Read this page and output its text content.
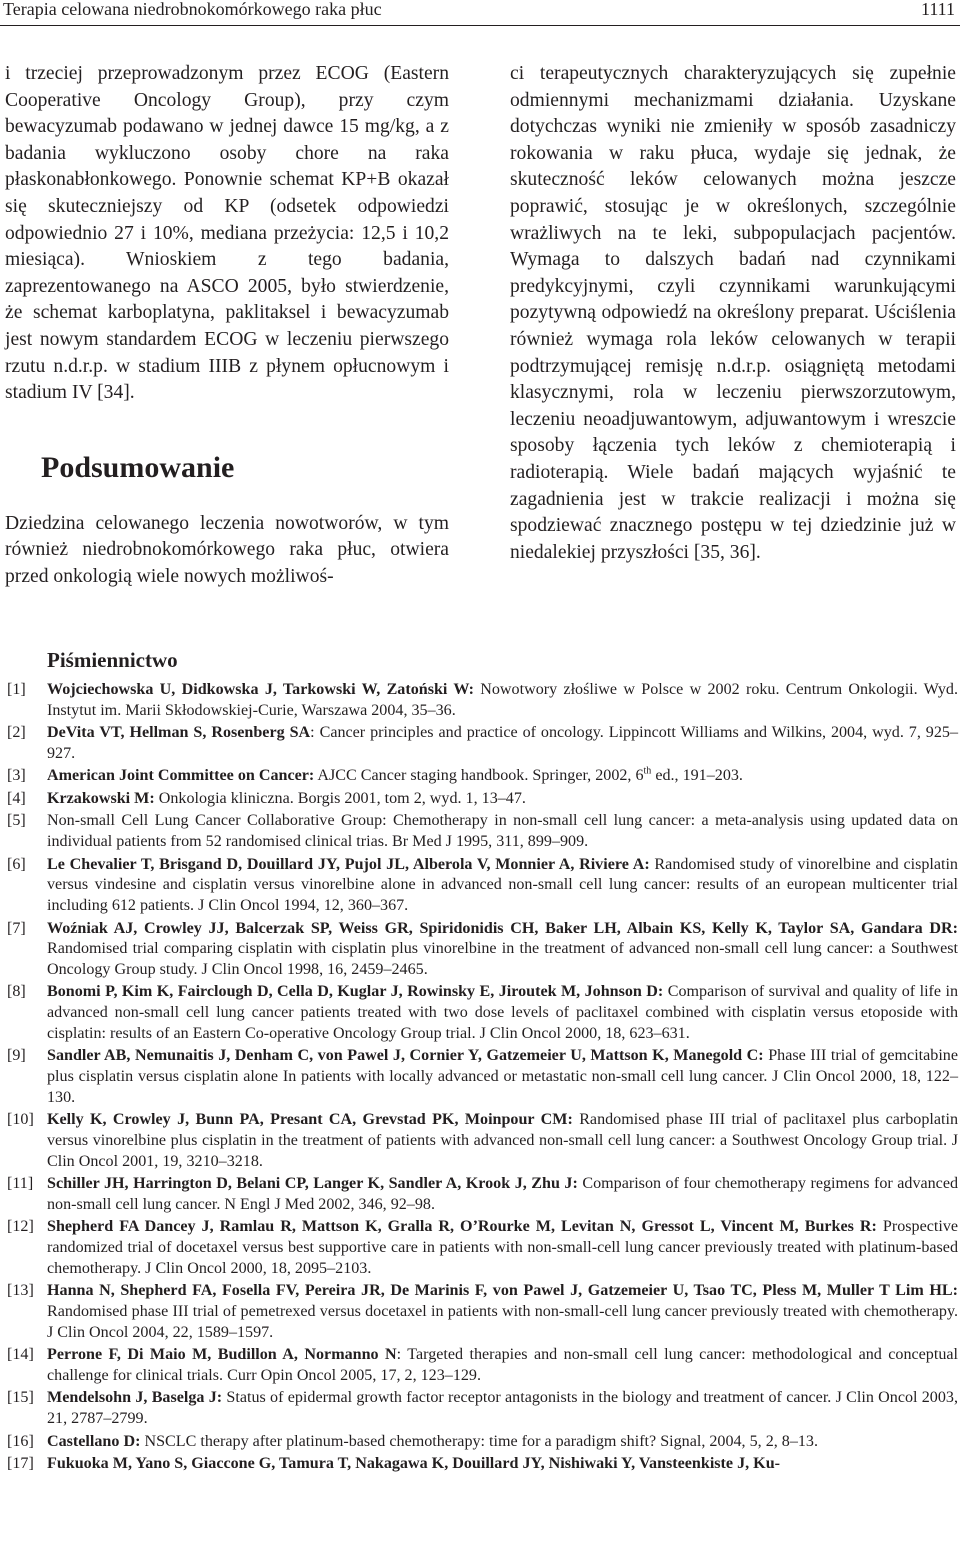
Terapia celowana niedrobnokomórkowego raka płuc	1111

i trzeciej przeprowadzonym przez ECOG (Eastern Cooperative Oncology Group), przy czym bewacyzumab podawano w jednej dawce 15 mg/kg, a z badania wykluczono osoby chore na raka płaskonabłonkowego. Ponownie schemat KP+B okazał się skuteczniejszy od KP (odsetek odpowiedzi odpowiednio 27 i 10%, mediana przeżycia: 12,5 i 10,2 miesiąca). Wnioskiem z tego badania, zaprezentowanego na ASCO 2005, było stwierdzenie, że schemat karboplatyna, paklitaksel i bewacyzumab jest nowym standardem ECOG w leczeniu pierwszego rzutu n.d.r.p. w stadium IIIB z płynem opłucnowym i stadium IV [34].

Podsumowanie

Dziedzina celowanego leczenia nowotworów, w tym również niedrobnokomórkowego raka płuc, otwiera przed onkologią wiele nowych możliwoś-

ci terapeutycznych charakteryzujących się zupełnie odmiennymi mechanizmami działania. Uzyskane dotychczas wyniki nie zmieniły w sposób zasadniczy rokowania w raku płuca, wydaje się jednak, że skuteczność leków celowanych można jeszcze poprawić, stosując je w określonych, szczególnie wrażliwych na te leki, subpopulacjach pacjentów. Wymaga to dalszych badań nad czynnikami predykcyjnymi, czyli czynnikami warunkującymi pozytywną odpowiedź na określony preparat. Uściślenia również wymaga rola leków celowanych w terapii podtrzymującej remisję n.d.r.p. osiągniętą metodami klasycznymi, rola w leczeniu pierwszorzutowym, leczeniu neoadjuwantowym, adjuwantowym i wreszcie sposoby łączenia tych leków z chemioterapią i radioterapią. Wiele badań mających wyjaśnić te zagadnienia jest w trakcie realizacji i można się spodziewać znacznego postępu w tej dziedzinie już w niedalekiej przyszłości [35, 36].

Piśmiennictwo
[1] Wojciechowska U, Didkowska J, Tarkowski W, Zatoński W: Nowotwory złośliwe w Polsce w 2002 roku. Centrum Onkologii. Wyd. Instytut im. Marii Skłodowskiej-Curie, Warszawa 2004, 35–36.
[2] DeVita VT, Hellman S, Rosenberg SA: Cancer principles and practice of oncology. Lippincott Williams and Wilkins, 2004, wyd. 7, 925–927.
[3] American Joint Committee on Cancer: AJCC Cancer staging handbook. Springer, 2002, 6th ed., 191–203.
[4] Krzakowski M: Onkologia kliniczna. Borgis 2001, tom 2, wyd. 1, 13–47.
[5] Non-small Cell Lung Cancer Collaborative Group: Chemotherapy in non-small cell lung cancer: a meta-analysis using updated data on individual patients from 52 randomised clinical trias. Br Med J 1995, 311, 899–909.
[6] Le Chevalier T, Brisgand D, Douillard JY, Pujol JL, Alberola V, Monnier A, Riviere A: Randomised study of vinorelbine and cisplatin versus vindesine and cisplatin versus vinorelbine alone in advanced non-small cell lung cancer: results of an european multicenter trial including 612 patients. J Clin Oncol 1994, 12, 360–367.
[7] Woźniak AJ, Crowley JJ, Balcerzak SP, Weiss GR, Spiridonidis CH, Baker LH, Albain KS, Kelly K, Taylor SA, Gandara DR: Randomised trial comparing cisplatin with cisplatin plus vinorelbine in the treatment of advanced non-small cell lung cancer: a Southwest Oncology Group study. J Clin Oncol 1998, 16, 2459–2465.
[8] Bonomi P, Kim K, Fairclough D, Cella D, Kuglar J, Rowinsky E, Jiroutek M, Johnson D: Comparison of survival and quality of life in advanced non-small cell lung cancer patients treated with two dose levels of paclitaxel combined with cisplatin versus etoposide with cisplatin: results of an Eastern Co-operative Oncology Group trial. J Clin Oncol 2000, 18, 623–631.
[9] Sandler AB, Nemunaitis J, Denham C, von Pawel J, Cornier Y, Gatzemeier U, Mattson K, Manegold C: Phase III trial of gemcitabine plus cisplatin versus cisplatin alone In patients with locally advanced or metastatic non-small cell lung cancer. J Clin Oncol 2000, 18, 122–130.
[10] Kelly K, Crowley J, Bunn PA, Presant CA, Grevstad PK, Moinpour CM: Randomised phase III trial of paclitaxel plus carboplatin versus vinorelbine plus cisplatin in the treatment of patients with advanced non-small cell lung cancer: a Southwest Oncology Group trial. J Clin Oncol 2001, 19, 3210–3218.
[11] Schiller JH, Harrington D, Belani CP, Langer K, Sandler A, Krook J, Zhu J: Comparison of four chemotherapy regimens for advanced non-small cell lung cancer. N Engl J Med 2002, 346, 92–98.
[12] Shepherd FA Dancey J, Ramlau R, Mattson K, Gralla R, O’Rourke M, Levitan N, Gressot L, Vincent M, Burkes R: Prospective randomized trial of docetaxel versus best supportive care in patients with non-small-cell lung cancer previously treated with platinum-based chemotherapy. J Clin Oncol 2000, 18, 2095–2103.
[13] Hanna N, Shepherd FA, Fosella FV, Pereira JR, De Marinis F, von Pawel J, Gatzemeier U, Tsao TC, Pless M, Muller T Lim HL: Randomised phase III trial of pemetrexed versus docetaxel in patients with non-small-cell lung cancer previously treated with chemotherapy. J Clin Oncol 2004, 22, 1589–1597.
[14] Perrone F, Di Maio M, Budillon A, Normanno N: Targeted therapies and non-small cell lung cancer: methodological and conceptual challenge for clinical trials. Curr Opin Oncol 2005, 17, 2, 123–129.
[15] Mendelsohn J, Baselga J: Status of epidermal growth factor receptor antagonists in the biology and treatment of cancer. J Clin Oncol 2003, 21, 2787–2799.
[16] Castellano D: NSCLC therapy after platinum-based chemotherapy: time for a paradigm shift? Signal, 2004, 5, 2, 8–13.
[17] Fukuoka M, Yano S, Giaccone G, Tamura T, Nakagawa K, Douillard JY, Nishiwaki Y, Vansteenkiste J, Ku-
